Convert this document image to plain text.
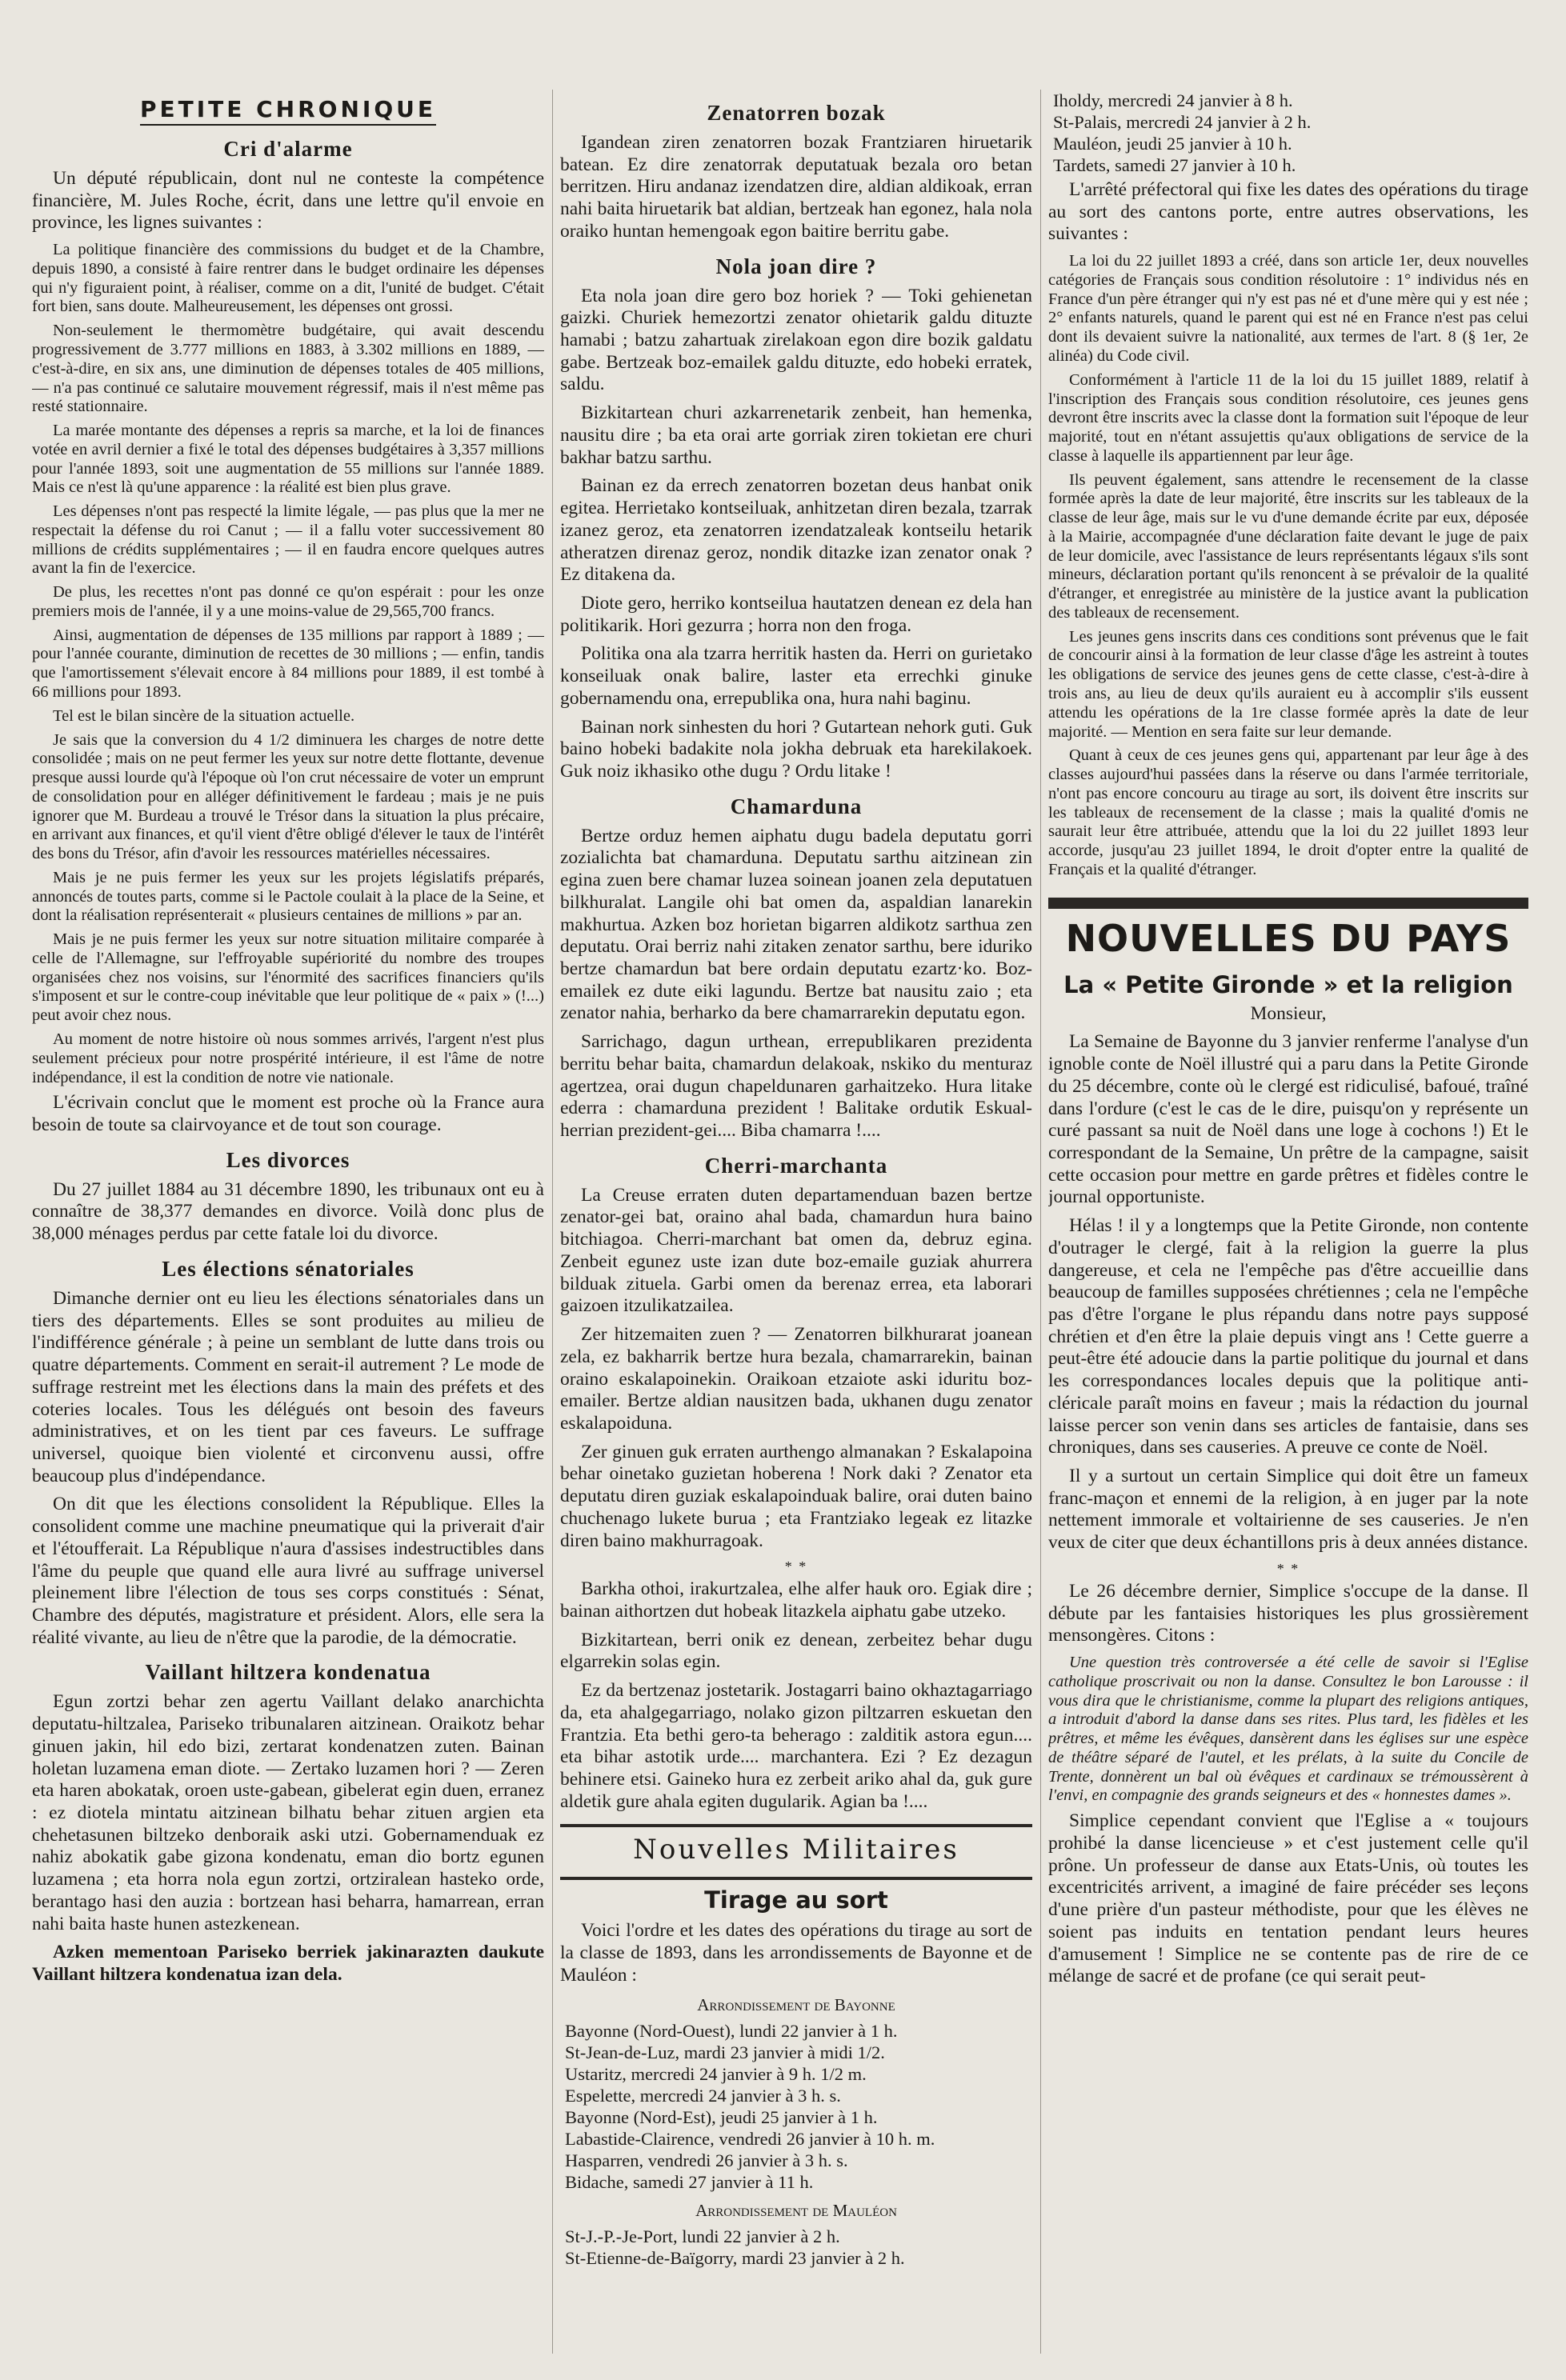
PETITE CHRONIQUE
Cri d'alarme

Un député républicain, dont nul ne conteste la compétence financière, M. Jules Roche, écrit, dans une lettre qu'il envoie en province, les lignes suivantes :

La politique financière des commissions du budget et de la Chambre, depuis 1890, a consisté à faire rentrer dans le budget ordinaire les dépenses qui n'y figuraient point, à réaliser, comme on a dit, l'unité de budget. C'était fort bien, sans doute. Malheureusement, les dépenses ont grossi.

Non-seulement le thermomètre budgétaire, qui avait descendu progressivement de 3.777 millions en 1883, à 3.302 millions en 1889, — c'est-à-dire, en six ans, une diminution de dépenses totales de 405 millions, — n'a pas continué ce salutaire mouvement régressif, mais il n'est même pas resté stationnaire.

La marée montante des dépenses a repris sa marche, et la loi de finances votée en avril dernier a fixé le total des dépenses budgétaires à 3,357 millions pour l'année 1893, soit une augmentation de 55 millions sur l'année 1889. Mais ce n'est là qu'une apparence : la réalité est bien plus grave.

Les dépenses n'ont pas respecté la limite légale, — pas plus que la mer ne respectait la défense du roi Canut ; — il a fallu voter successivement 80 millions de crédits supplémentaires ; — il en faudra encore quelques autres avant la fin de l'exercice.

De plus, les recettes n'ont pas donné ce qu'on espérait : pour les onze premiers mois de l'année, il y a une moins-value de 29,565,700 francs.

Ainsi, augmentation de dépenses de 135 millions par rapport à 1889 ; — pour l'année courante, diminution de recettes de 30 millions ; — enfin, tandis que l'amortissement s'élevait encore à 84 millions pour 1889, il est tombé à 66 millions pour 1893.

Tel est le bilan sincère de la situation actuelle.

Je sais que la conversion du 4 1/2 diminuera les charges de notre dette consolidée ; mais on ne peut fermer les yeux sur notre dette flottante, devenue presque aussi lourde qu'à l'époque où l'on crut nécessaire de voter un emprunt de consolidation pour en alléger définitivement le fardeau ; mais je ne puis ignorer que M. Burdeau a trouvé le Trésor dans la situation la plus précaire, en arrivant aux finances, et qu'il vient d'être obligé d'élever le taux de l'intérêt des bons du Trésor, afin d'avoir les ressources matérielles nécessaires.

Mais je ne puis fermer les yeux sur les projets législatifs préparés, annoncés de toutes parts, comme si le Pactole coulait à la place de la Seine, et dont la réalisation représenterait « plusieurs centaines de millions » par an.

Mais je ne puis fermer les yeux sur notre situation militaire comparée à celle de l'Allemagne, sur l'effroyable supériorité du nombre des troupes organisées chez nos voisins, sur l'énormité des sacrifices financiers qu'ils s'imposent et sur le contre-coup inévitable que leur politique de « paix » (!...) peut avoir chez nous.

Au moment de notre histoire où nous sommes arrivés, l'argent n'est plus seulement précieux pour notre prospérité intérieure, il est l'âme de notre indépendance, il est la condition de notre vie nationale.

L'écrivain conclut que le moment est proche où la France aura besoin de toute sa clairvoyance et de tout son courage.

Les divorces

Du 27 juillet 1884 au 31 décembre 1890, les tribunaux ont eu à connaître de 38,377 demandes en divorce. Voilà donc plus de 38,000 ménages perdus par cette fatale loi du divorce.

Les élections sénatoriales

Dimanche dernier ont eu lieu les élections sénatoriales dans un tiers des départements. Elles se sont produites au milieu de l'indifférence générale ; à peine un semblant de lutte dans trois ou quatre départements. Comment en serait-il autrement ? Le mode de suffrage restreint met les élections dans la main des préfets et des coteries locales. Tous les délégués ont besoin des faveurs administratives, et on les tient par ces faveurs. Le suffrage universel, quoique bien violenté et circonvenu aussi, offre beaucoup plus d'indépendance.

On dit que les élections consolident la République. Elles la consolident comme une machine pneumatique qui la priverait d'air et l'étoufferait. La République n'aura d'assises indestructibles dans l'âme du peuple que quand elle aura livré au suffrage universel pleinement libre l'élection de tous ses corps constitués : Sénat, Chambre des députés, magistrature et président. Alors, elle sera la réalité vivante, au lieu de n'être que la parodie, de la démocratie.

Vaillant hiltzera kondenatua

Egun zortzi behar zen agertu Vaillant delako anarchichta deputatu-hiltzalea, Pariseko tribunalaren aitzinean. Oraikotz behar ginuen jakin, hil edo bizi, zertarat kondenatzen zuten. Bainan holetan luzamena eman diote. — Zertako luzamen hori ? — Zeren eta haren abokatak, oroen uste-gabean, gibelerat egin duen, erranez : ez diotela mintatu aitzinean bilhatu behar zituen argien eta chehetasunen biltzeko denboraik aski utzi. Gobernamenduak ez nahiz abokatik gabe gizona kondenatu, eman dio bortz egunen luzamena ; eta horra nola egun zortzi, ortziralean hasteko orde, berantago hasi den auzia : bortzean hasi beharra, hamarrean, erran nahi baita haste hunen astezkenean.

Azken mementoan Pariseko berriek jakinarazten daukute Vaillant hiltzera kondenatua izan dela.

Zenatorren bozak

Igandean ziren zenatorren bozak Frantziaren hiruetarik batean. Ez dire zenatorrak deputatuak bezala oro betan berritzen. Hiru andanaz izendatzen dire, aldian aldikoak, erran nahi baita hiruetarik bat aldian, bertzeak han egonez, hala nola oraiko huntan hemengoak egon baitire berritu gabe.

Nola joan dire ?

Eta nola joan dire gero boz horiek ? — Toki gehienetan gaizki. Churiek hemezortzi zenator ohietarik galdu dituzte hamabi ; batzu zahartuak zirelakoan egon dire bozik galdatu gabe. Bertzeak boz-emailek galdu dituzte, edo hobeki erratek, saldu.

Bizkitartean churi azkarrenetarik zenbeit, han hemenka, nausitu dire ; ba eta orai arte gorriak ziren tokietan ere churi bakhar batzu sarthu.

Bainan ez da errech zenatorren bozetan deus hanbat onik egitea. Herrietako kontseiluak, anhitzetan diren bezala, tzarrak izanez geroz, eta zenatorren izendatzaleak kontseilu hetarik atheratzen direnaz geroz, nondik ditazke izan zenator onak ? Ez ditakena da.

Diote gero, herriko kontseilua hautatzen denean ez dela han politikarik. Hori gezurra ; horra non den froga.

Politika ona ala tzarra herritik hasten da. Herri on gurietako konseiluak onak balire, laster eta errechki ginuke gobernamendu ona, errepublika ona, hura nahi baginu.

Bainan nork sinhesten du hori ? Gutartean nehork guti. Guk baino hobeki badakite nola jokha debruak eta harekilakoek. Guk noiz ikhasiko othe dugu ? Ordu litake !

Chamarduna

Bertze orduz hemen aiphatu dugu badela deputatu gorri zozialichta bat chamarduna. Deputatu sarthu aitzinean zin egina zuen bere chamar luzea soinean joanen zela deputatuen bilkhuralat. Langile ohi bat omen da, aspaldian lanarekin makhurtua. Azken boz horietan bigarren aldikotz sarthua zen deputatu. Orai berriz nahi zitaken zenator sarthu, bere iduriko bertze chamardun bat bere ordain deputatu ezartz·ko. Boz-emailek ez dute eiki lagundu. Bertze bat nausitu zaio ; eta zenator nahia, berharko da bere chamarrarekin deputatu egon.

Sarrichago, dagun urthean, errepublikaren prezidenta berritu behar baita, chamardun delakoak, nskiko du menturaz agertzea, orai dugun chapeldunaren garhaitzeko. Hura litake ederra : chamarduna prezident ! Balitake ordutik Eskual-herrian prezident-gei.... Biba chamarra !....

Cherri-marchanta

La Creuse erraten duten departamenduan bazen bertze zenator-gei bat, oraino ahal bada, chamardun hura baino bitchiagoa. Cherri-marchant bat omen da, debruz egina. Zenbeit egunez uste izan dute boz-emaile guziak ahurrera bilduak zituela. Garbi omen da berenaz erreа, eta laborari gaizoen itzulikatzailea.

Zer hitzemaiten zuen ? — Zenatorren bilkhurarat joanean zela, ez bakharrik bertze hura bezala, chamarrarekin, bainan oraino eskalapoinekin. Oraikoan etzaiote aski iduritu boz-emailer. Bertze aldian nausitzen bada, ukhanen dugu zenator eskalapoiduna.

Zer ginuen guk erraten aurthengo almanakan ? Eskalapoina behar oinetako guzietan hoberena ! Nork daki ? Zenator eta deputatu diren guziak eskalapoinduak balire, orai duten baino chuchenago lukete burua ; eta Frantziako legeak ez litazke diren baino makhurragoak.

* *

Barkha othoi, irakurtzalea, elhe alfer hauk oro. Egiak dire ; bainan aithortzen dut hobeak litazkela aiphatu gabe utzeko.

Bizkitartean, berri onik ez denean, zerbeitez behar dugu elgarrekin solas egin.

Ez da bertzenaz jostetarik. Jostagarri baino okhaztagarriago da, eta ahalgegarriago, nolako gizon piltzarren eskuetan den Frantzia. Eta bethi gero-ta beherago : zalditik astora egun.... eta bihar astotik urde.... marchantera. Ezi ? Ez dezagun behinere etsi. Gaineko hura ez zerbeit ariko ahal da, guk gure aldetik gure ahala egiten dugularik. Agian ba !....

Nouvelles Militaires
Tirage au sort

Voici l'ordre et les dates des opérations du tirage au sort de la classe de 1893, dans les arrondissements de Bayonne et de Mauléon :

Arrondissement de Bayonne
Bayonne (Nord-Ouest), lundi 22 janvier à 1 h.
St-Jean-de-Luz, mardi 23 janvier à midi 1/2.
Ustaritz, mercredi 24 janvier à 9 h. 1/2 m.
Espelette, mercredi 24 janvier à 3 h. s.
Bayonne (Nord-Est), jeudi 25 janvier à 1 h.
Labastide-Clairence, vendredi 26 janvier à 10 h. m.
Hasparren, vendredi 26 janvier à 3 h. s.
Bidache, samedi 27 janvier à 11 h.
Arrondissement de Mauléon
St-J.-P.-Je-Port, lundi 22 janvier à 2 h.
St-Etienne-de-Baïgorry, mardi 23 janvier à 2 h.
Iholdy, mercredi 24 janvier à 8 h.
St-Palais, mercredi 24 janvier à 2 h.
Mauléon, jeudi 25 janvier à 10 h.
Tardets, samedi 27 janvier à 10 h.

L'arrêté préfectoral qui fixe les dates des opérations du tirage au sort des cantons porte, entre autres observations, les suivantes :

La loi du 22 juillet 1893 a créé, dans son article 1er, deux nouvelles catégories de Français sous condition résolutoire : 1° individus nés en France d'un père étranger qui n'y est pas né et d'une mère qui y est née ; 2° enfants naturels, quand le parent qui est né en France n'est pas celui dont ils devaient suivre la nationalité, aux termes de l'art. 8 (§ 1er, 2e alinéa) du Code civil.

Conformément à l'article 11 de la loi du 15 juillet 1889, relatif à l'inscription des Français sous condition résolutoire, ces jeunes gens devront être inscrits avec la classe dont la formation suit l'époque de leur majorité, tout en n'étant assujettis qu'aux obligations de service de la classe à laquelle ils appartiennent par leur âge.

Ils peuvent également, sans attendre le recensement de la classe formée après la date de leur majorité, être inscrits sur les tableaux de la classe de leur âge, mais sur le vu d'une demande écrite par eux, déposée à la Mairie, accompagnée d'une déclaration faite devant le juge de paix de leur domicile, avec l'assistance de leurs représentants légaux s'ils sont mineurs, déclaration portant qu'ils renoncent à se prévaloir de la qualité d'étranger, et enregistrée au ministère de la justice avant la publication des tableaux de recensement.

Les jeunes gens inscrits dans ces conditions sont prévenus que le fait de concourir ainsi à la formation de leur classe d'âge les astreint à toutes les obligations de service des jeunes gens de cette classe, c'est-à-dire à trois ans, au lieu de deux qu'ils auraient eu à accomplir s'ils eussent attendu les opérations de la 1re classe formée après la date de leur majorité. — Mention en sera faite sur leur demande.

Quant à ceux de ces jeunes gens qui, appartenant par leur âge à des classes aujourd'hui passées dans la réserve ou dans l'armée territoriale, n'ont pas encore concouru au tirage au sort, ils doivent être inscrits sur les tableaux de recensement de la classe ; mais la qualité d'omis ne saurait leur être attribuée, attendu que la loi du 22 juillet 1893 leur accorde, jusqu'au 23 juillet 1894, le droit d'opter entre la qualité de Français et la qualité d'étranger.

NOUVELLES DU PAYS
La « Petite Gironde » et la religion

Monsieur,

La Semaine de Bayonne du 3 janvier renferme l'analyse d'un ignoble conte de Noël illustré qui a paru dans la Petite Gironde du 25 décembre, conte où le clergé est ridiculisé, bafoué, traîné dans l'ordure (c'est le cas de le dire, puisqu'on y représente un curé passant sa nuit de Noël dans une loge à cochons !) Et le correspondant de la Semaine, Un prêtre de la campagne, saisit cette occasion pour mettre en garde prêtres et fidèles contre le journal opportuniste.

Hélas ! il y a longtemps que la Petite Gironde, non contente d'outrager le clergé, fait à la religion la guerre la plus dangereuse, et cela ne l'empêche pas d'être accueillie dans beaucoup de familles supposées chrétiennes ; cela ne l'empêche pas d'être l'organe le plus répandu dans notre pays supposé chrétien et d'en être la plaie depuis vingt ans ! Cette guerre a peut-être été adoucie dans la partie politique du journal et dans les correspondances locales depuis que la politique anti-cléricale paraît moins en faveur ; mais la rédaction du journal laisse percer son venin dans ses articles de fantaisie, dans ses chroniques, dans ses causeries. A preuve ce conte de Noël.

Il y a surtout un certain Simplice qui doit être un fameux franc-maçon et ennemi de la religion, à en juger par la note nettement immorale et voltairienne de ses causeries. Je n'en veux de citer que deux échantillons pris à deux années distance.

* *

Le 26 décembre dernier, Simplice s'occupe de la danse. Il débute par les fantaisies historiques les plus grossièrement mensongères. Citons :

Une question très controversée a été celle de savoir si l'Eglise catholique proscrivait ou non la danse. Consultez le bon Larousse : il vous dira que le christianisme, comme la plupart des religions antiques, a introduit d'abord la danse dans ses rites. Plus tard, les fidèles et les prêtres, et même les évêques, dansèrent dans les églises sur une espèce de théâtre séparé de l'autel, et les prélats, à la suite du Concile de Trente, donnèrent un bal où évêques et cardinaux se trémoussèrent à l'envi, en compagnie des grands seigneurs et des « honnestes dames ».

Simplice cependant convient que l'Eglise a « toujours prohibé la danse licencieuse » et c'est justement celle qu'il prône. Un professeur de danse aux Etats-Unis, où toutes les excentricités arrivent, a imaginé de faire précéder ses leçons d'une prière d'un pasteur méthodiste, pour que les élèves ne soient pas induits en tentation pendant leurs heures d'amusement ! Simplice ne se contente pas de rire de ce mélange de sacré et de profane (ce qui serait peut-
